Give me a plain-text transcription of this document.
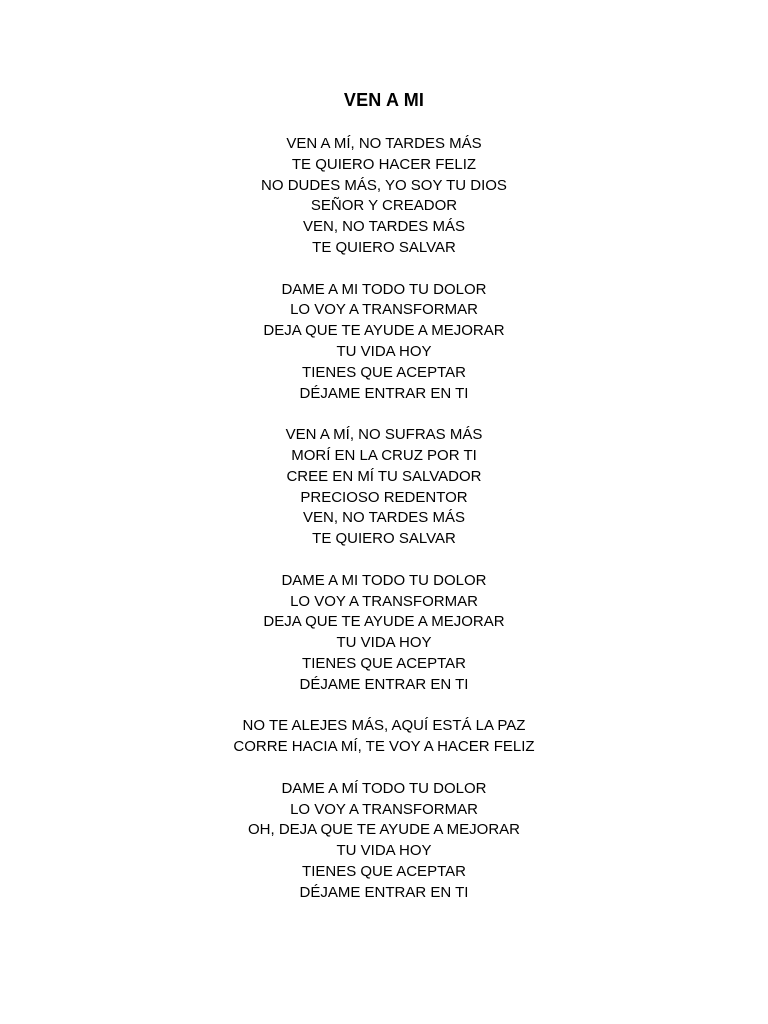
VEN A MI
VEN A MÍ, NO TARDES MÁS
TE QUIERO HACER FELIZ
NO DUDES MÁS, YO SOY TU DIOS
SEÑOR Y CREADOR
VEN, NO TARDES MÁS
TE QUIERO SALVAR
DAME A MI TODO TU DOLOR
LO VOY A TRANSFORMAR
DEJA QUE TE AYUDE A MEJORAR
TU VIDA HOY
TIENES QUE ACEPTAR
DÉJAME ENTRAR EN TI
VEN A MÍ, NO SUFRAS MÁS
MORÍ EN LA CRUZ POR TI
CREE EN MÍ TU SALVADOR
PRECIOSO REDENTOR
VEN, NO TARDES MÁS
TE QUIERO SALVAR
DAME A MI TODO TU DOLOR
LO VOY A TRANSFORMAR
DEJA QUE TE AYUDE A MEJORAR
TU VIDA HOY
TIENES QUE ACEPTAR
DÉJAME ENTRAR EN TI
NO TE ALEJES MÁS, AQUÍ ESTÁ LA PAZ
CORRE HACIA MÍ, TE VOY A HACER FELIZ
DAME A MÍ TODO TU DOLOR
LO VOY A TRANSFORMAR
OH, DEJA QUE TE AYUDE A MEJORAR
TU VIDA HOY
TIENES QUE ACEPTAR
DÉJAME ENTRAR EN TI
